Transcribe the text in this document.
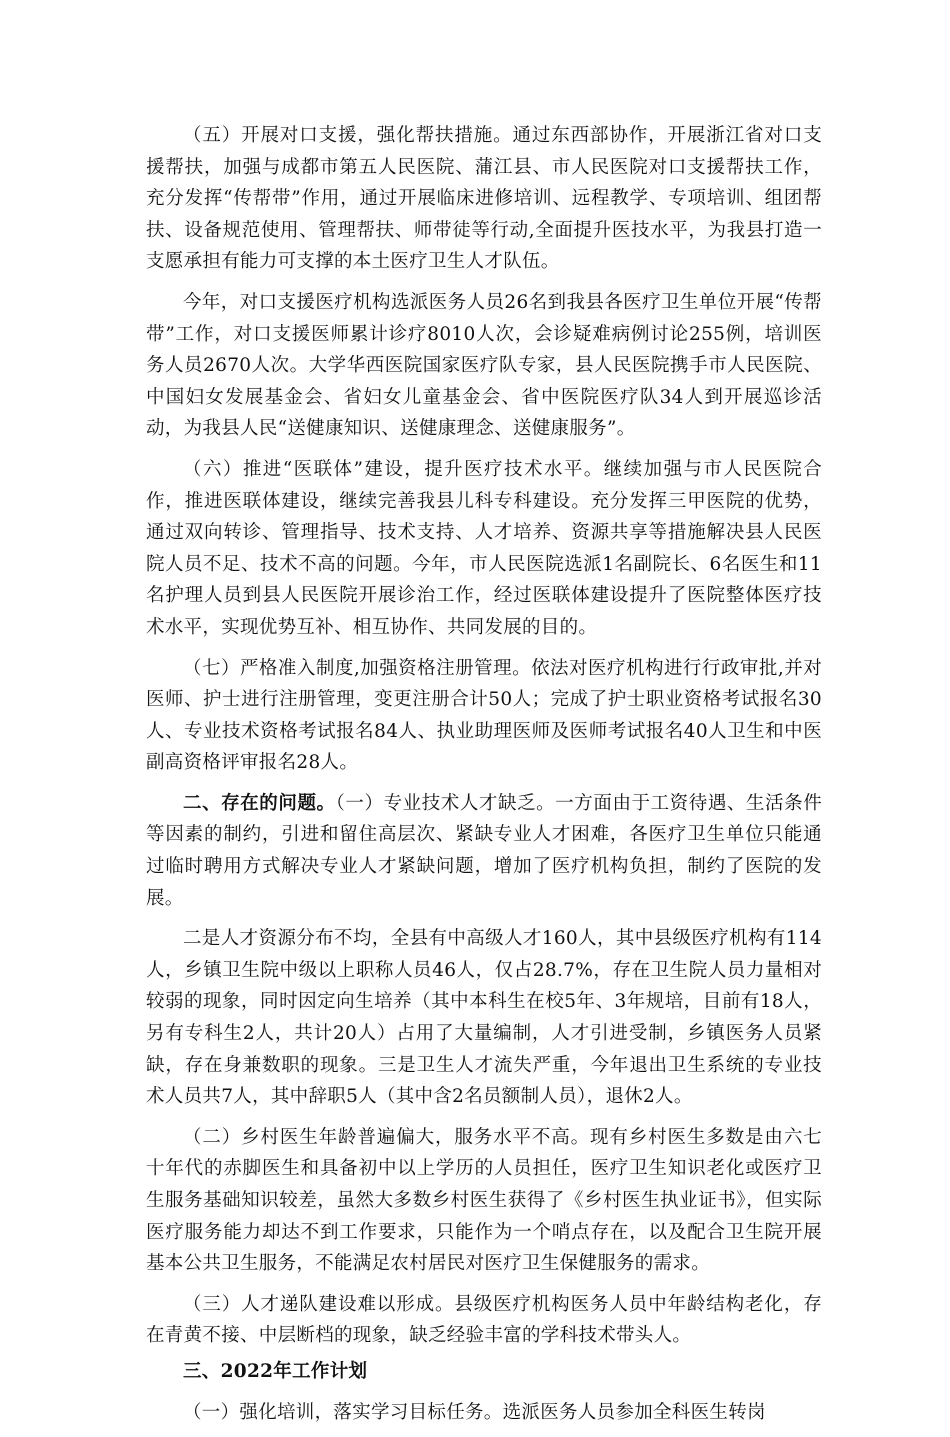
（五）开展对口支援，强化帮扶措施。通过东西部协作，开展浙江省对口支援帮扶，加强与成都市第五人民医院、蒲江县、市人民医院对口支援帮扶工作，充分发挥“传帮带”作用，通过开展临床进修培训、远程教学、专项培训、组团帮扶、设备规范使用、管理帮扶、师带徒等行动,全面提升医技水平，为我县打造一支愿承担有能力可支撑的本土医疗卫生人才队伍。

今年，对口支援医疗机构选派医务人员26名到我县各医疗卫生单位开展“传帮带”工作，对口支援医师累计诊疗8010人次，会诊疑难病例讨论255例，培训医务人员2670人次。大学华西医院国家医疗队专家，县人民医院携手市人民医院、中国妇女发展基金会、省妇女儿童基金会、省中医院医疗队34人到开展巡诊活动，为我县人民“送健康知识、送健康理念、送健康服务”。

（六）推进“医联体”建设，提升医疗技术水平。继续加强与市人民医院合作，推进医联体建设，继续完善我县儿科专科建设。充分发挥三甲医院的优势，通过双向转诊、管理指导、技术支持、人才培养、资源共享等措施解决县人民医院人员不足、技术不高的问题。今年，市人民医院选派1名副院长、6名医生和11名护理人员到县人民医院开展诊治工作，经过医联体建设提升了医院整体医疗技术水平，实现优势互补、相互协作、共同发展的目的。

（七）严格准入制度,加强资格注册管理。依法对医疗机构进行行政审批,并对医师、护士进行注册管理，变更注册合计50人；完成了护士职业资格考试报名30人、专业技术资格考试报名84人、执业助理医师及医师考试报名40人卫生和中医副高资格评审报名28人。

二、存在的问题。（一）专业技术人才缺乏。一方面由于工资待遇、生活条件等因素的制约，引进和留住高层次、紧缺专业人才困难，各医疗卫生单位只能通过临时聘用方式解决专业人才紧缺问题，增加了医疗机构负担，制约了医院的发展。

二是人才资源分布不均，全县有中高级人才160人，其中县级医疗机构有114人，乡镇卫生院中级以上职称人员46人，仅占28.7%，存在卫生院人员力量相对较弱的现象，同时因定向生培养（其中本科生在校5年、3年规培，目前有18人，另有专科生2人，共计20人）占用了大量编制，人才引进受制，乡镇医务人员紧缺，存在身兼数职的现象。三是卫生人才流失严重，今年退出卫生系统的专业技术人员共7人，其中辞职5人（其中含2名员额制人员），退休2人。

（二）乡村医生年龄普遍偏大，服务水平不高。现有乡村医生多数是由六七十年代的赤脚医生和具备初中以上学历的人员担任，医疗卫生知识老化或医疗卫生服务基础知识较差，虽然大多数乡村医生获得了《乡村医生执业证书》，但实际医疗服务能力却达不到工作要求，只能作为一个哨点存在，以及配合卫生院开展基本公共卫生服务，不能满足农村居民对医疗卫生保健服务的需求。

（三）人才递队建设难以形成。县级医疗机构医务人员中年龄结构老化，存在青黄不接、中层断档的现象，缺乏经验丰富的学科技术带头人。

三、2022年工作计划

（一）强化培训，落实学习目标任务。选派医务人员参加全科医生转岗
